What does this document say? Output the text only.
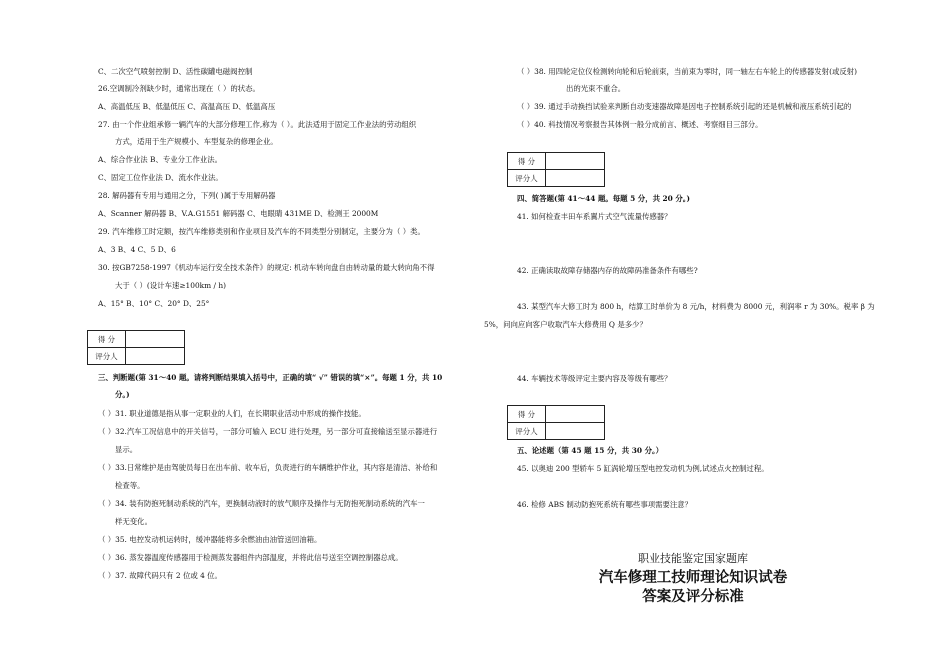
C、二次空气喷射控制 D、活性碳罐电磁阀控制
26.空调制冷剂缺少时，通常出现在（ ）的状态。
A、高温低压 B、低温低压 C、高温高压 D、低温高压
27. 由一个作业组承修一辆汽车的大部分修理工作,称为（ ）。此法适用于固定工作业法的劳动组织
方式，适用于生产规模小、车型复杂的修理企业。
A、综合作业法 B、专业分工作业法。
C、固定工位作业法 D、流水作业法。
28. 解码器有专用与通用之分，下列( )属于专用解码器
A、Scanner 解码器 B、V.A.G1551 解码器 C、电眼睛 431ME D、检测王 2000M
29. 汽车维修工时定额，按汽车维修类别和作业项目及汽车的不同类型分别制定，主要分为（ ）类。
A、3 B、4 C、5 D、6
30. 按GB7258-1997《机动车运行安全技术条件》的规定: 机动车转向盘自由转动量的最大转向角不得
大于（ ）(设计车速≥100km / h)
A、15° B、10° C、20° D、25°
得 分	
评分人	
三、判断题(第 31～40 题。请将判断结果填入括号中，正确的填“ √” 错误的填“×”。每题 1 分，共 10
分。)
（ ）31. 职业道德是指从事一定职业的人们，在长期职业活动中形成的操作技能。
（ ）32.汽车工况信息中的开关信号，一部分可输入 ECU 进行处理，另一部分可直接输送至显示器进行
显示。
（ ）33.日常维护是由驾驶员每日在出车前、收车后，负责进行的车辆维护作业，其内容是清洁、补给和
检查等。
（ ）34. 装有防抱死制动系统的汽车，更换制动液时的放气顺序及操作与无防抱死制动系统的汽车一
样无变化。
（ ）35. 电控发动机运转时，缓冲器能将多余燃油由油管送回油箱。
（ ）36. 蒸发器温度传感器用于检测蒸发器组件内部温度，并将此信号送至空调控制器总成。
（ ）37. 故障代码只有 2 位或 4 位。
（ ）38. 用四轮定位仪检测转向轮和后轮前束，当前束为零时，同一轴左右车轮上的传感器发射(或反射)
出的光束不重合。
（ ）39. 通过手动换挡试验来判断自动变速器故障是因电子控制系统引起的还是机械和液压系统引起的
（ ）40. 科技情况考察报告其体例一般分成前言、概述、考察细目三部分。
得 分	
评分人	
四、简答题(第 41～44 题。每题 5 分，共 20 分。)
41. 如何检查丰田车系翼片式空气流量传感器？
42. 正确读取故障存储器内存的故障码准备条件有哪些?
43. 某型汽车大修工时为 800 h，结算工时单价为 8 元/h，材料费为 8000 元，利润率 r 为 30%。税率 β 为
5%，问向应向客户收取汽车大修费用 Q 是多少？
44. 车辆技术等级评定主要内容及等级有哪些？
得 分	
评分人	
五、论述题（第 45 题 15 分，共 30 分。）
45. 以奥迪 200 型轿车 5 缸涡轮增压型电控发动机为例,试述点火控制过程。
46. 检修 ABS 制动防抱死系统有哪些事项需要注意？
职业技能鉴定国家题库
汽车修理工技师理论知识试卷
答案及评分标准
